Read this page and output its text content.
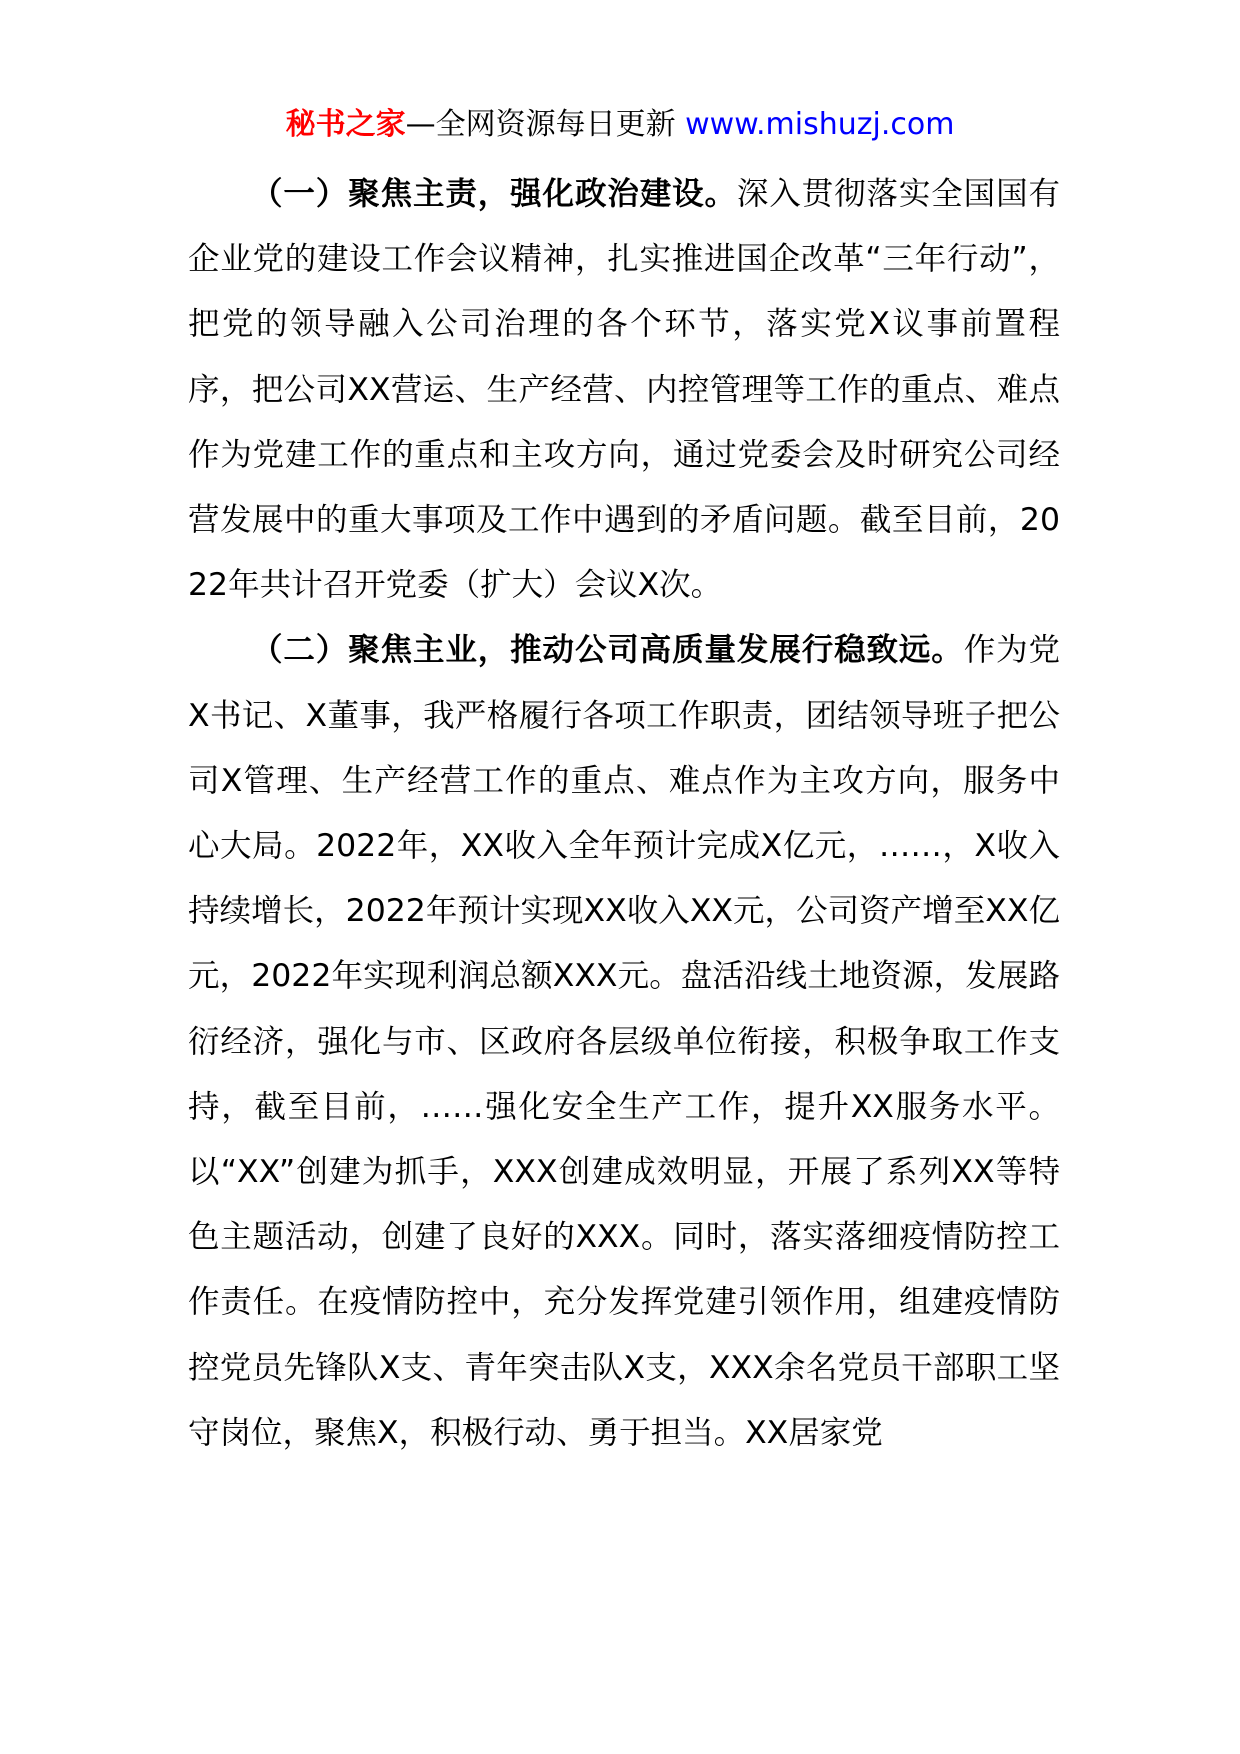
秘书之家—全网资源每日更新 www.mishuzj.com

（一）聚焦主责，强化政治建设。深入贯彻落实全国国有企业党的建设工作会议精神，扎实推进国企改革“三年行动”，把党的领导融入公司治理的各个环节，落实党X议事前置程序，把公司XX营运、生产经营、内控管理等工作的重点、难点作为党建工作的重点和主攻方向，通过党委会及时研究公司经营发展中的重大事项及工作中遇到的矛盾问题。截至目前，2022年共计召开党委（扩大）会议X次。

（二）聚焦主业，推动公司高质量发展行稳致远。作为党X书记、X董事，我严格履行各项工作职责，团结领导班子把公司X管理、生产经营工作的重点、难点作为主攻方向，服务中心大局。2022年，XX收入全年预计完成X亿元，……，X收入持续增长，2022年预计实现XX收入XX元，公司资产增至XX亿元，2022年实现利润总额XXX元。盘活沿线土地资源，发展路衍经济，强化与市、区政府各层级单位衔接，积极争取工作支持，截至目前，……强化安全生产工作，提升XX服务水平。以“XX”创建为抓手，XXX创建成效明显，开展了系列XX等特色主题活动，创建了良好的XXX。同时，落实落细疫情防控工作责任。在疫情防控中，充分发挥党建引领作用，组建疫情防控党员先锋队X支、青年突击队X支，XXX余名党员干部职工坚守岗位，聚焦X，积极行动、勇于担当。XX居家党
